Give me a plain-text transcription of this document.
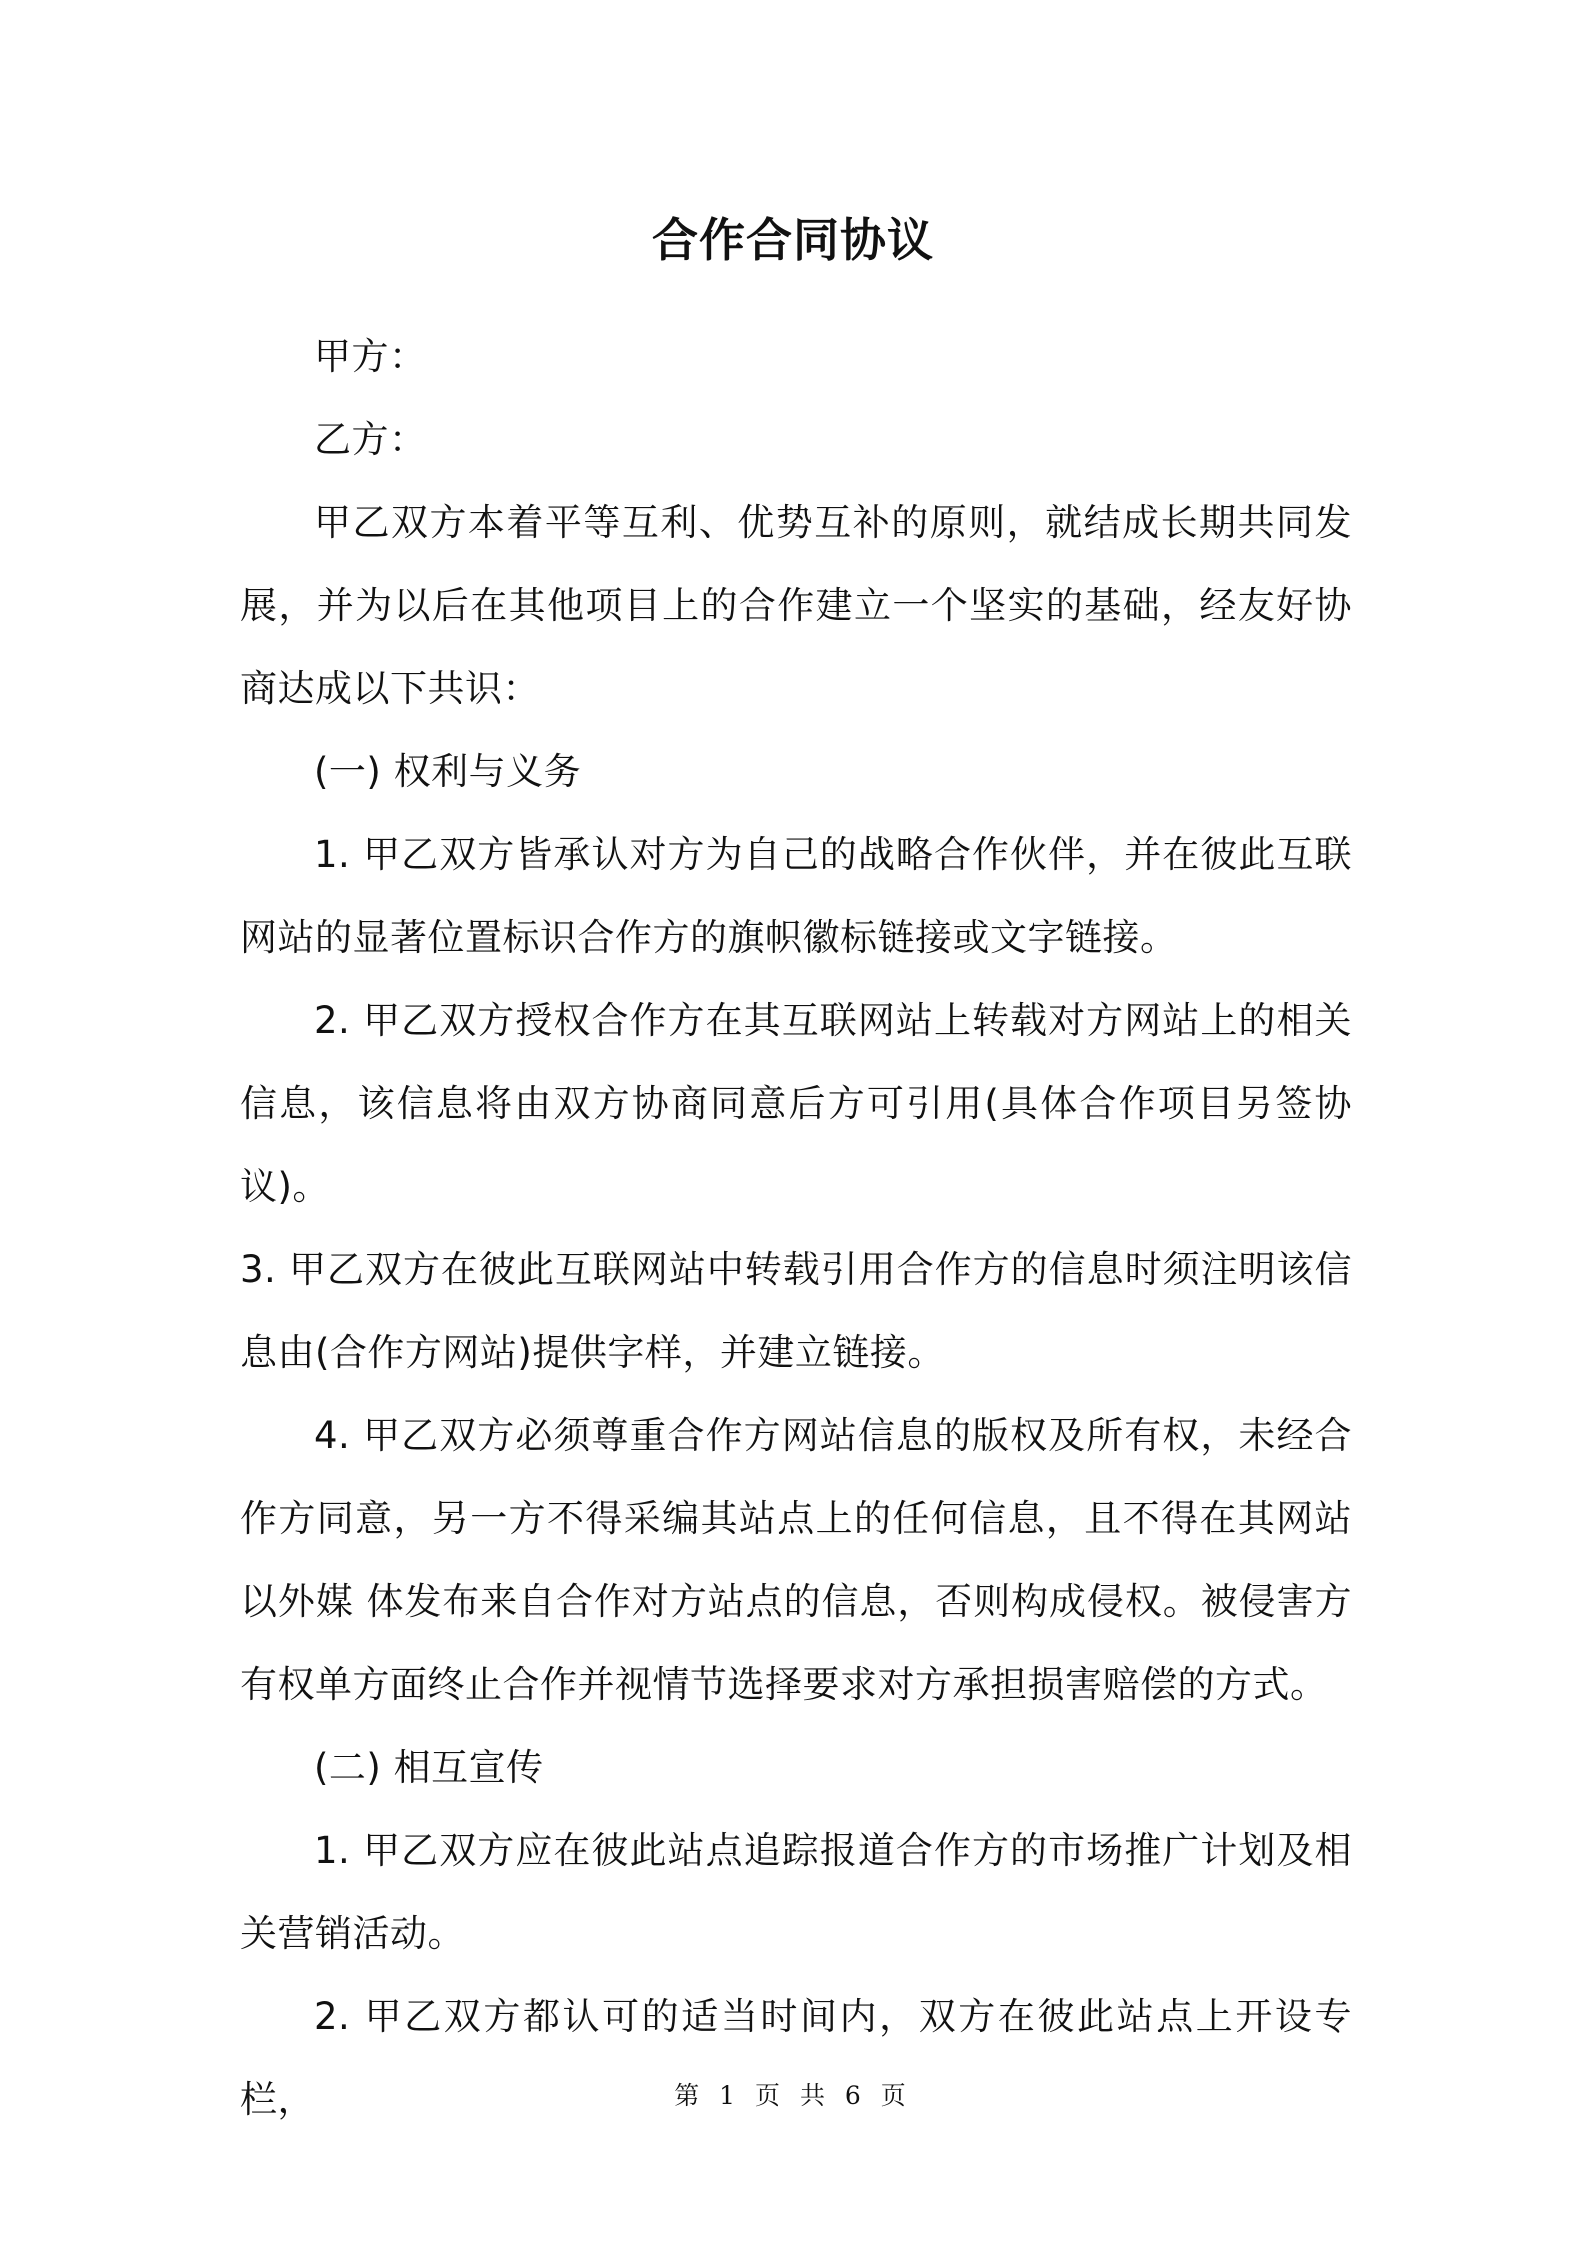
合作合同协议

甲方：

乙方：

甲乙双方本着平等互利、优势互补的原则，就结成长期共同发展，并为以后在其他项目上的合作建立一个坚实的基础，经友好协商达成以下共识：

(一) 权利与义务

1. 甲乙双方皆承认对方为自己的战略合作伙伴，并在彼此互联网站的显著位置标识合作方的旗帜徽标链接或文字链接。

2. 甲乙双方授权合作方在其互联网站上转载对方网站上的相关信息，该信息将由双方协商同意后方可引用(具体合作项目另签协议)。

3. 甲乙双方在彼此互联网站中转载引用合作方的信息时须注明该信息由(合作方网站)提供字样，并建立链接。

4. 甲乙双方必须尊重合作方网站信息的版权及所有权，未经合作方同意，另一方不得采编其站点上的任何信息，且不得在其网站以外媒 体发布来自合作对方站点的信息，否则构成侵权。被侵害方有权单方面终止合作并视情节选择要求对方承担损害赔偿的方式。

(二) 相互宣传

1. 甲乙双方应在彼此站点追踪报道合作方的市场推广计划及相关营销活动。

2. 甲乙双方都认可的适当时间内，双方在彼此站点上开设专栏，	第 1 页 共 6 页
